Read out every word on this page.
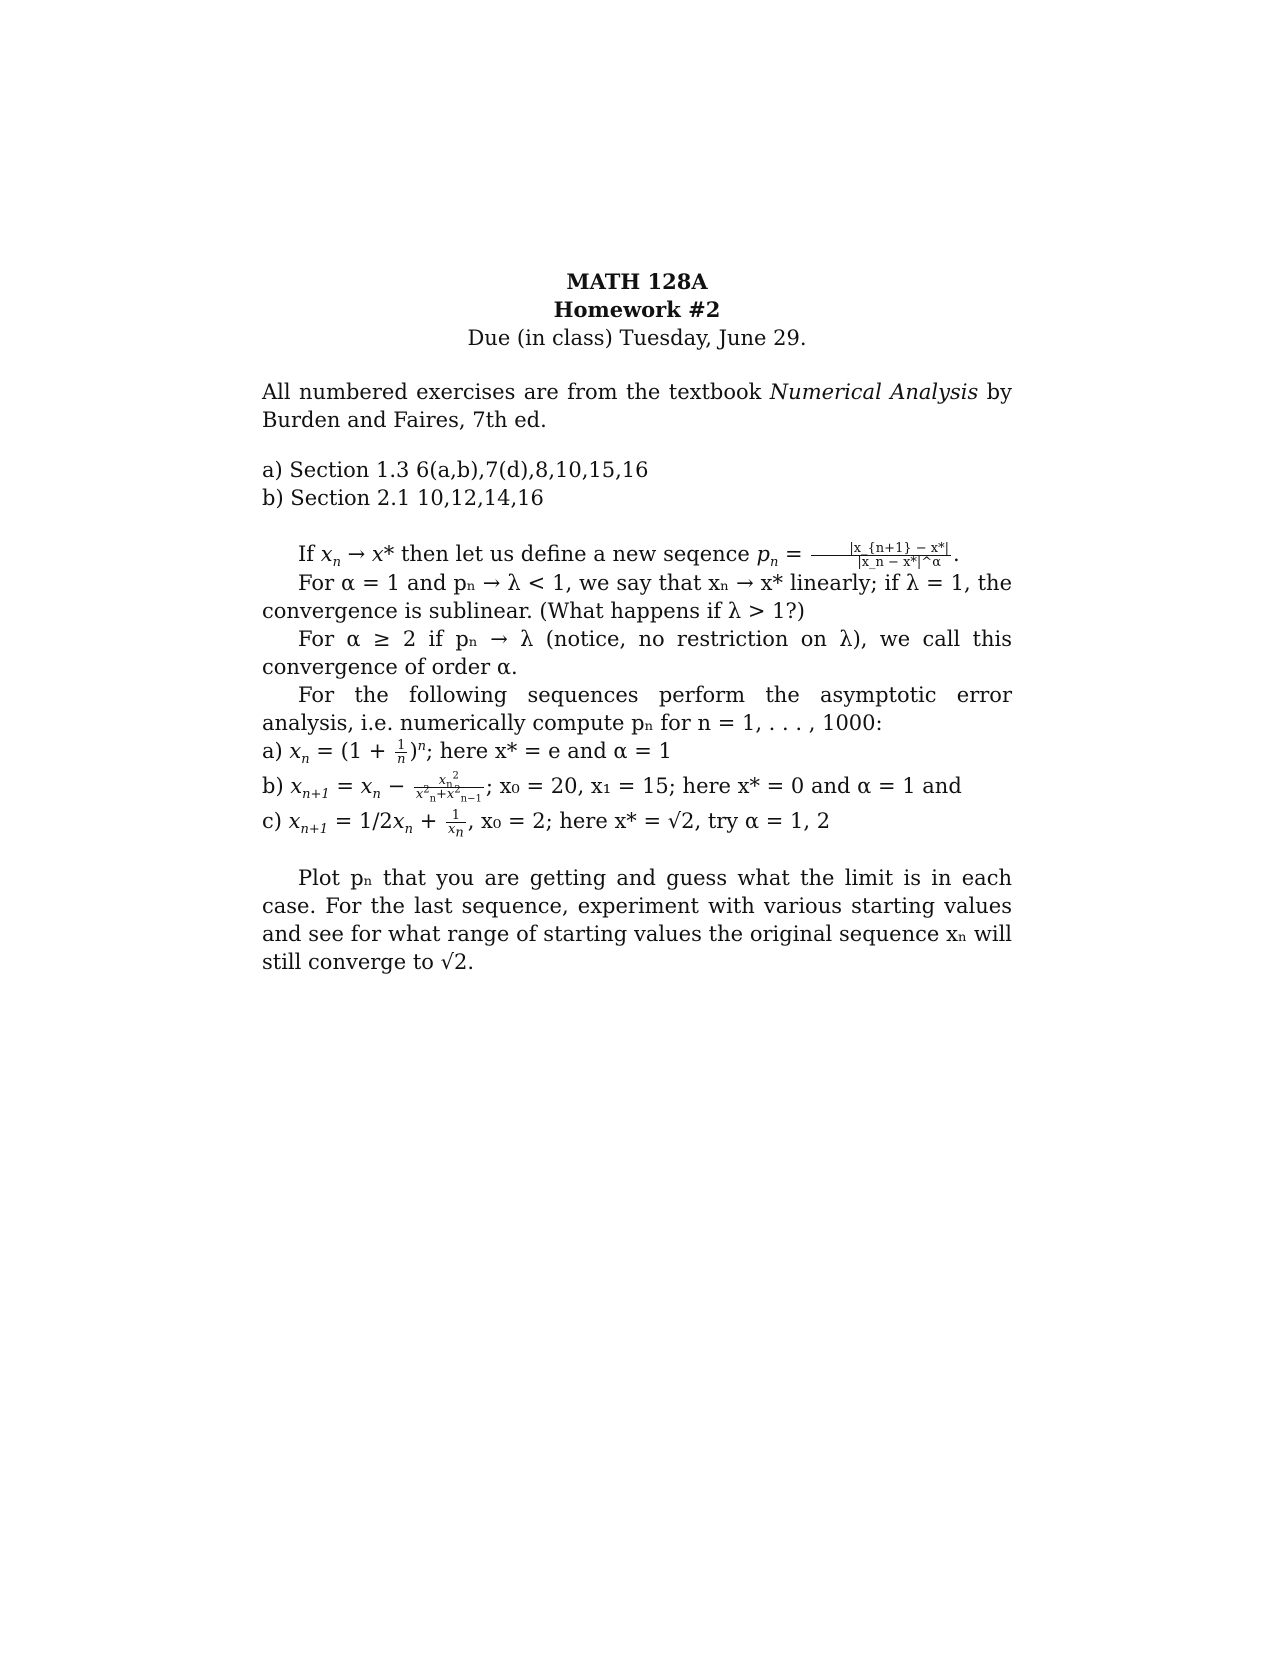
MATH 128A
Homework #2
Due (in class) Tuesday, June 29.

All numbered exercises are from the textbook Numerical Analysis by Burden and Faires, 7th ed.

a) Section 1.3 6(a,b),7(d),8,10,15,16
b) Section 2.1 10,12,14,16

If $x_n \to x*$ then let us define a new seqence $p_n = \frac{|x\_\{n+1\} - x*|}{|x\_n - x*|\^{}\alpha}$ .

For α = 1 and pₙ → λ < 1, we say that xₙ → x* linearly; if λ = 1, the convergence is sublinear. (What happens if λ > 1?)

For α ≥ 2 if pₙ → λ (notice, no restriction on λ), we call this convergence of order α.

For the following sequences perform the asymptotic error analysis, i.e. numerically compute pₙ for n = 1, . . . , 1000:

a) $x_n = (1 + \frac{1}{n} )^n$; here x* = e and α = 1
b) $x_{n+1} = x_n - \frac{x_n^2}{x^2_n+x^2_{n-1}}$ ; x₀ = 20, x₁ = 15; here x* = 0 and α = 1 and
c) $x_{n+1} = 1/2x_n + \frac{1}{x_n}$ , x₀ = 2; here x* = √2, try α = 1, 2

Plot pₙ that you are getting and guess what the limit is in each case. For the last sequence, experiment with various starting values and see for what range of starting values the original sequence xₙ will still converge to √2.
